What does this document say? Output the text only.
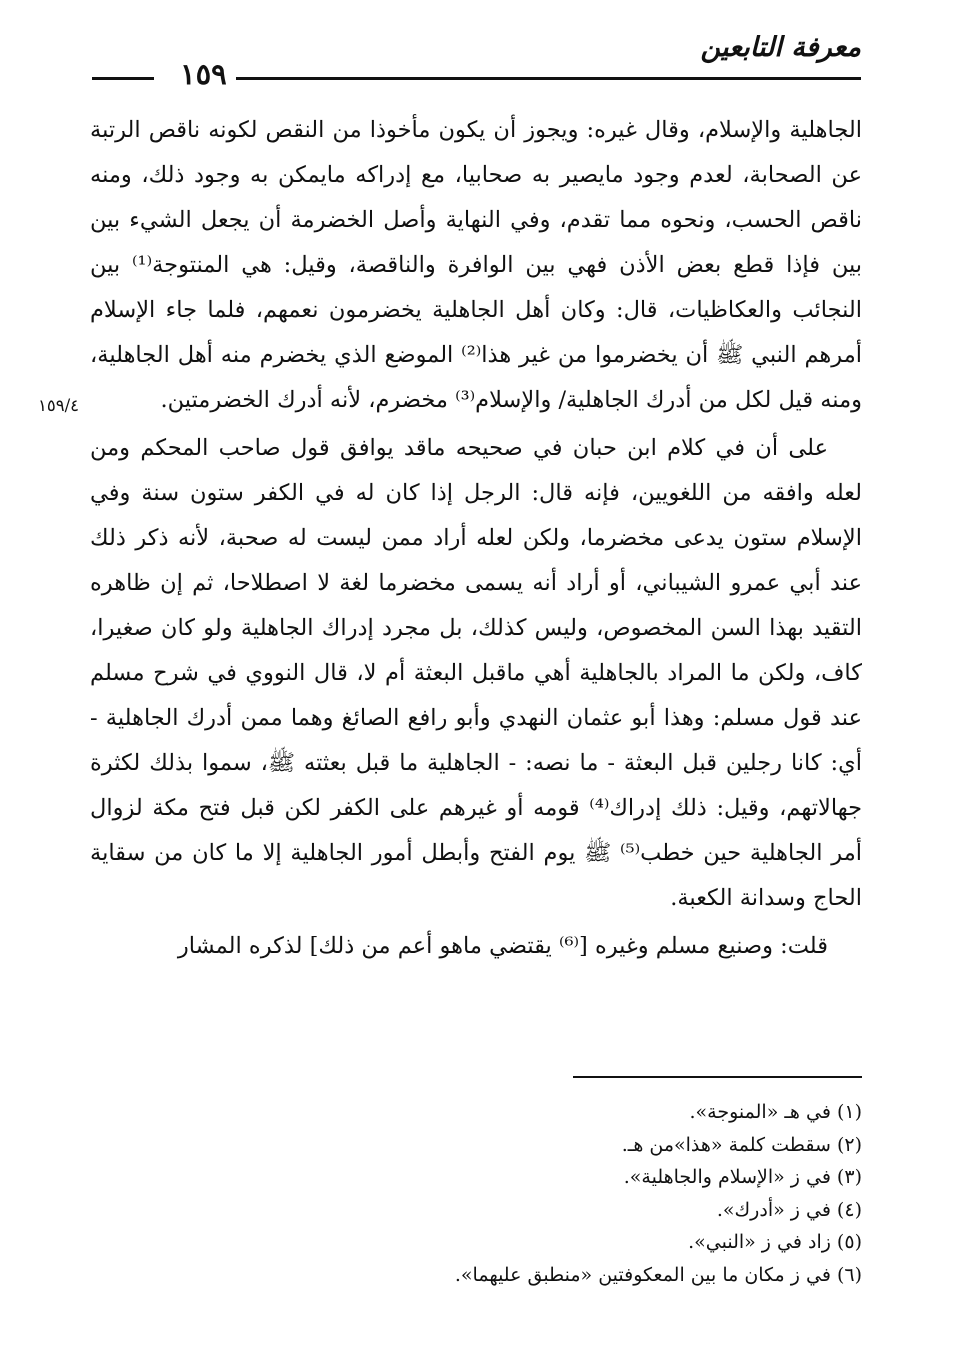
معرفة التابعين
١٥٩
١٥٩/٤

الجاهلية والإسلام، وقال غيره: ويجوز أن يكون مأخوذا من النقص لكونه ناقص الرتبة عن الصحابة، لعدم وجود مايصير به صحابيا، مع إدراكه مايمكن به وجود ذلك، ومنه ناقص الحسب، ونحوه مما تقدم، وفي النهاية وأصل الخضرمة أن يجعل الشيء بين بين فإذا قطع بعض الأذن فهي بين الوافرة والناقصة، وقيل: هي المنتوجة⁽¹⁾ بين النجائب والعكاظيات، قال: وكان أهل الجاهلية يخضرمون نعمهم، فلما جاء الإسلام أمرهم النبي ﷺ أن يخضرموا من غير هذا⁽²⁾ الموضع الذي يخضرم منه أهل الجاهلية، ومنه قيل لكل من أدرك الجاهلية/ والإسلام⁽³⁾ مخضرم، لأنه أدرك الخضرمتين.

على أن في كلام ابن حبان في صحيحه ماقد يوافق قول صاحب المحكم ومن لعله وافقه من اللغويين، فإنه قال: الرجل إذا كان له في الكفر ستون سنة وفي الإسلام ستون يدعى مخضرما، ولكن لعله أراد ممن ليست له صحبة، لأنه ذكر ذلك عند أبي عمرو الشيباني، أو أراد أنه يسمى مخضرما لغة لا اصطلاحا، ثم إن ظاهره التقيد بهذا السن المخصوص، وليس كذلك، بل مجرد إدراك الجاهلية ولو كان صغيرا، كاف، ولكن ما المراد بالجاهلية أهي ماقبل البعثة أم لا، قال النووي في شرح مسلم عند قول مسلم: وهذا أبو عثمان النهدي وأبو رافع الصائغ وهما ممن أدرك الجاهلية - أي: كانا رجلين قبل البعثة - ما نصه: - الجاهلية ما قبل بعثته ﷺ، سموا بذلك لكثرة جهالاتهم، وقيل: ذلك إدراك⁽⁴⁾ قومه أو غيرهم على الكفر لكن قبل فتح مكة لزوال أمر الجاهلية حين خطب⁽⁵⁾ ﷺ يوم الفتح وأبطل أمور الجاهلية إلا ما كان من سقاية الحاج وسدانة الكعبة.

قلت: وصنيع مسلم وغيره [⁽⁶⁾ يقتضي ماهو أعم من ذلك] لذكره المشار

(١) في هـ «المنوجة».

(٢) سقطت كلمة «هذا»من هـ.

(٣) في ز «الإسلام والجاهلية».

(٤) في ز «أدرك».

(٥) زاد في ز «النبي».

(٦) في ز مكان ما بين المعكوفتين «منطبق عليهما».
